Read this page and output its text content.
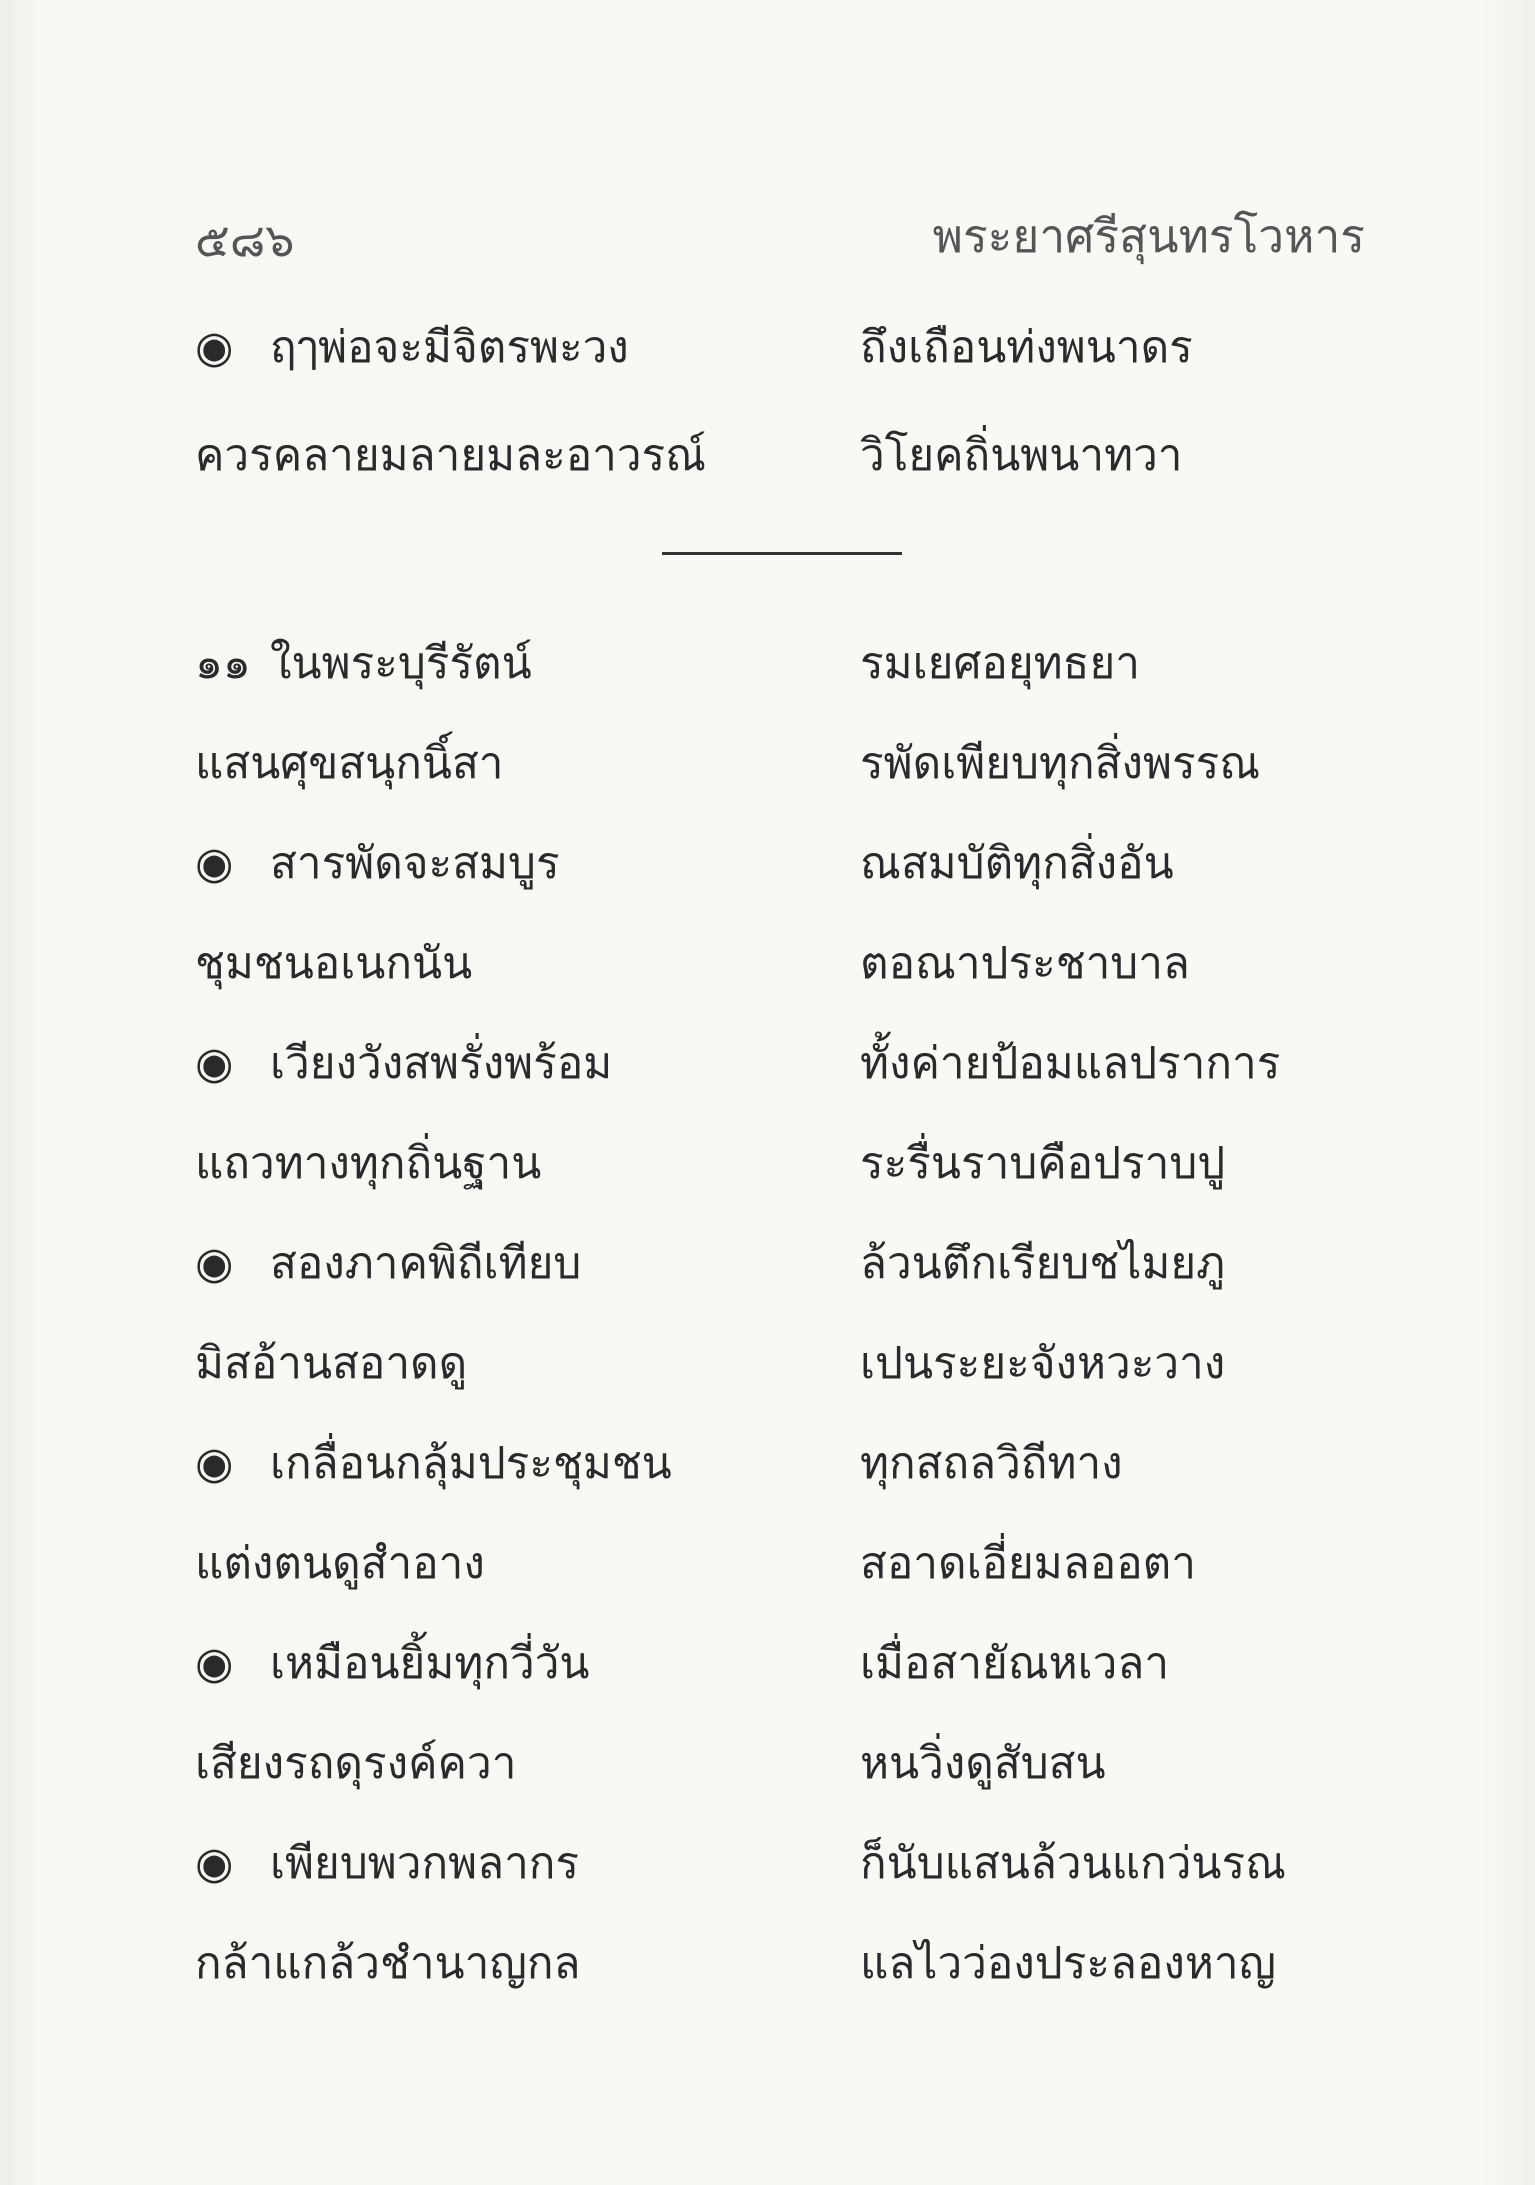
๕๘๖	พระยาศรีสุนทรโวหาร
◉ ฤๅพ่อจะมีจิตรพะวง	ถึงเถือนท่งพนาดร
ควรคลายมลายมละอาวรณ์	วิโยคถิ่นพนาทวา
๑๑ ในพระบุรีรัตน์	รมเยศอยุทธยา
แสนศุขสนุกนิ์สา	รพัดเพียบทุกสิ่งพรรณ
◉ สารพัดจะสมบูร	ณสมบัติทุกสิ่งอัน
ชุมชนอเนกนัน	ตอณาประชาบาล
◉ เวียงวังสพรั่งพร้อม	ทั้งค่ายป้อมแลปราการ
แถวทางทุกถิ่นฐาน	ระรื่นราบคือปราบปู
◉ สองภาคพิถีเทียบ	ล้วนตึกเรียบชไมยภู
มิสอ้านสอาดดู	เปนระยะจังหวะวาง
◉ เกลื่อนกลุ้มประชุมชน	ทุกสถลวิถีทาง
แต่งตนดูสำอาง	สอาดเอี่ยมลออตา
◉ เหมือนยิ้มทุกวี่วัน	เมื่อสายัณหเวลา
เสียงรถดุรงค์ควา	หนวิ่งดูสับสน
◉ เพียบพวกพลากร	ก็นับแสนล้วนแกว่นรณ
กล้าแกล้วชำนาญกล	แลไวว่องประลองหาญ
